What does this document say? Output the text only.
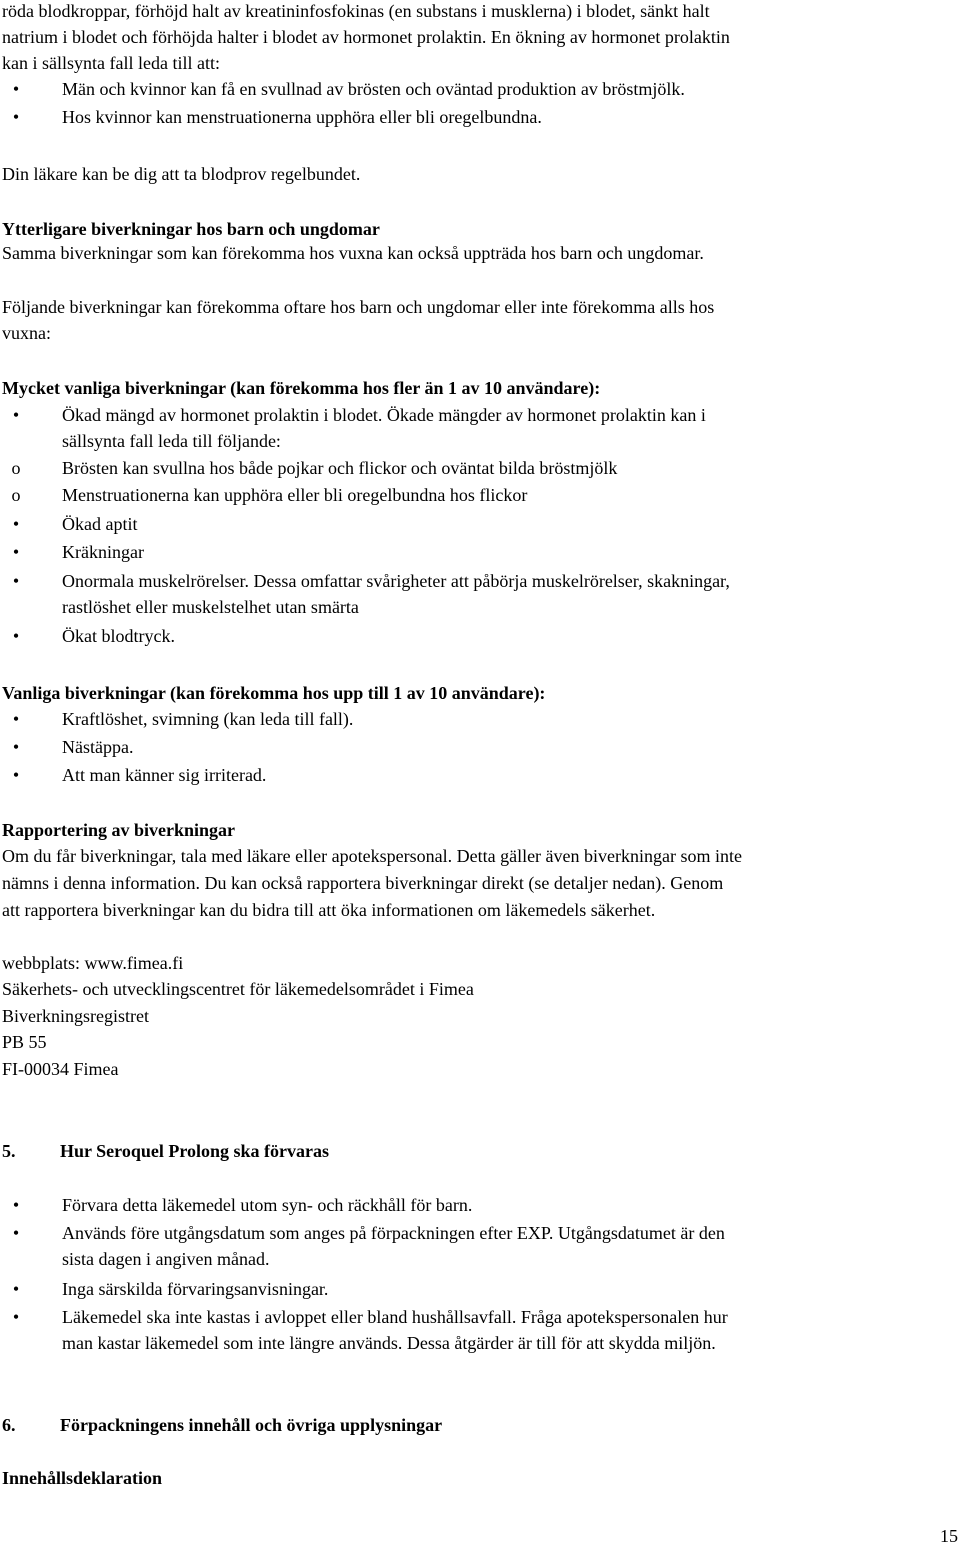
röda blodkroppar, förhöjd halt av kreatininfosfokinas (en substans i musklerna) i blodet, sänkt halt
natrium i blodet och förhöjda halter i blodet av hormonet prolaktin. En ökning av hormonet prolaktin
kan i sällsynta fall leda till att:
•	Män och kvinnor kan få en svullnad av brösten och oväntad produktion av bröstmjölk.
•	Hos kvinnor kan menstruationerna upphöra eller bli oregelbundna.
Din läkare kan be dig att ta blodprov regelbundet.
Ytterligare biverkningar hos barn och ungdomar
Samma biverkningar som kan förekomma hos vuxna kan också uppträda hos barn och ungdomar.
Följande biverkningar kan förekomma oftare hos barn och ungdomar eller inte förekomma alls hos
vuxna:
Mycket vanliga biverkningar (kan förekomma hos fler än 1 av 10 användare):
•	Ökad mängd av hormonet prolaktin i blodet. Ökade mängder av hormonet prolaktin kan i
sällsynta fall leda till följande:
o	Brösten kan svullna hos både pojkar och flickor och oväntat bilda bröstmjölk
o	Menstruationerna kan upphöra eller bli oregelbundna hos flickor
•	Ökad aptit
•	Kräkningar
•	Onormala muskelrörelser. Dessa omfattar svårigheter att påbörja muskelrörelser, skakningar,
rastlöshet eller muskelstelhet utan smärta
•	Ökat blodtryck.
Vanliga biverkningar (kan förekomma hos upp till 1 av 10 användare):
•	Kraftlöshet, svimning (kan leda till fall).
•	Nästäppa.
•	Att man känner sig irriterad.
Rapportering av biverkningar
Om du får biverkningar, tala med läkare eller apotekspersonal. Detta gäller även biverkningar som inte
nämns i denna information. Du kan också rapportera biverkningar direkt (se detaljer nedan). Genom
att rapportera biverkningar kan du bidra till att öka informationen om läkemedels säkerhet.
webbplats: www.fimea.fi
Säkerhets- och utvecklingscentret för läkemedelsområdet i Fimea
Biverkningsregistret
PB 55
FI-00034 Fimea
5. Hur Seroquel Prolong ska förvaras
•	Förvara detta läkemedel utom syn- och räckhåll för barn.
•	Används före utgångsdatum som anges på förpackningen efter EXP. Utgångsdatumet är den
sista dagen i angiven månad.
•	Inga särskilda förvaringsanvisningar.
•	Läkemedel ska inte kastas i avloppet eller bland hushållsavfall. Fråga apotekspersonalen hur
man kastar läkemedel som inte längre används. Dessa åtgärder är till för att skydda miljön.
6. Förpackningens innehåll och övriga upplysningar
Innehållsdeklaration
15
